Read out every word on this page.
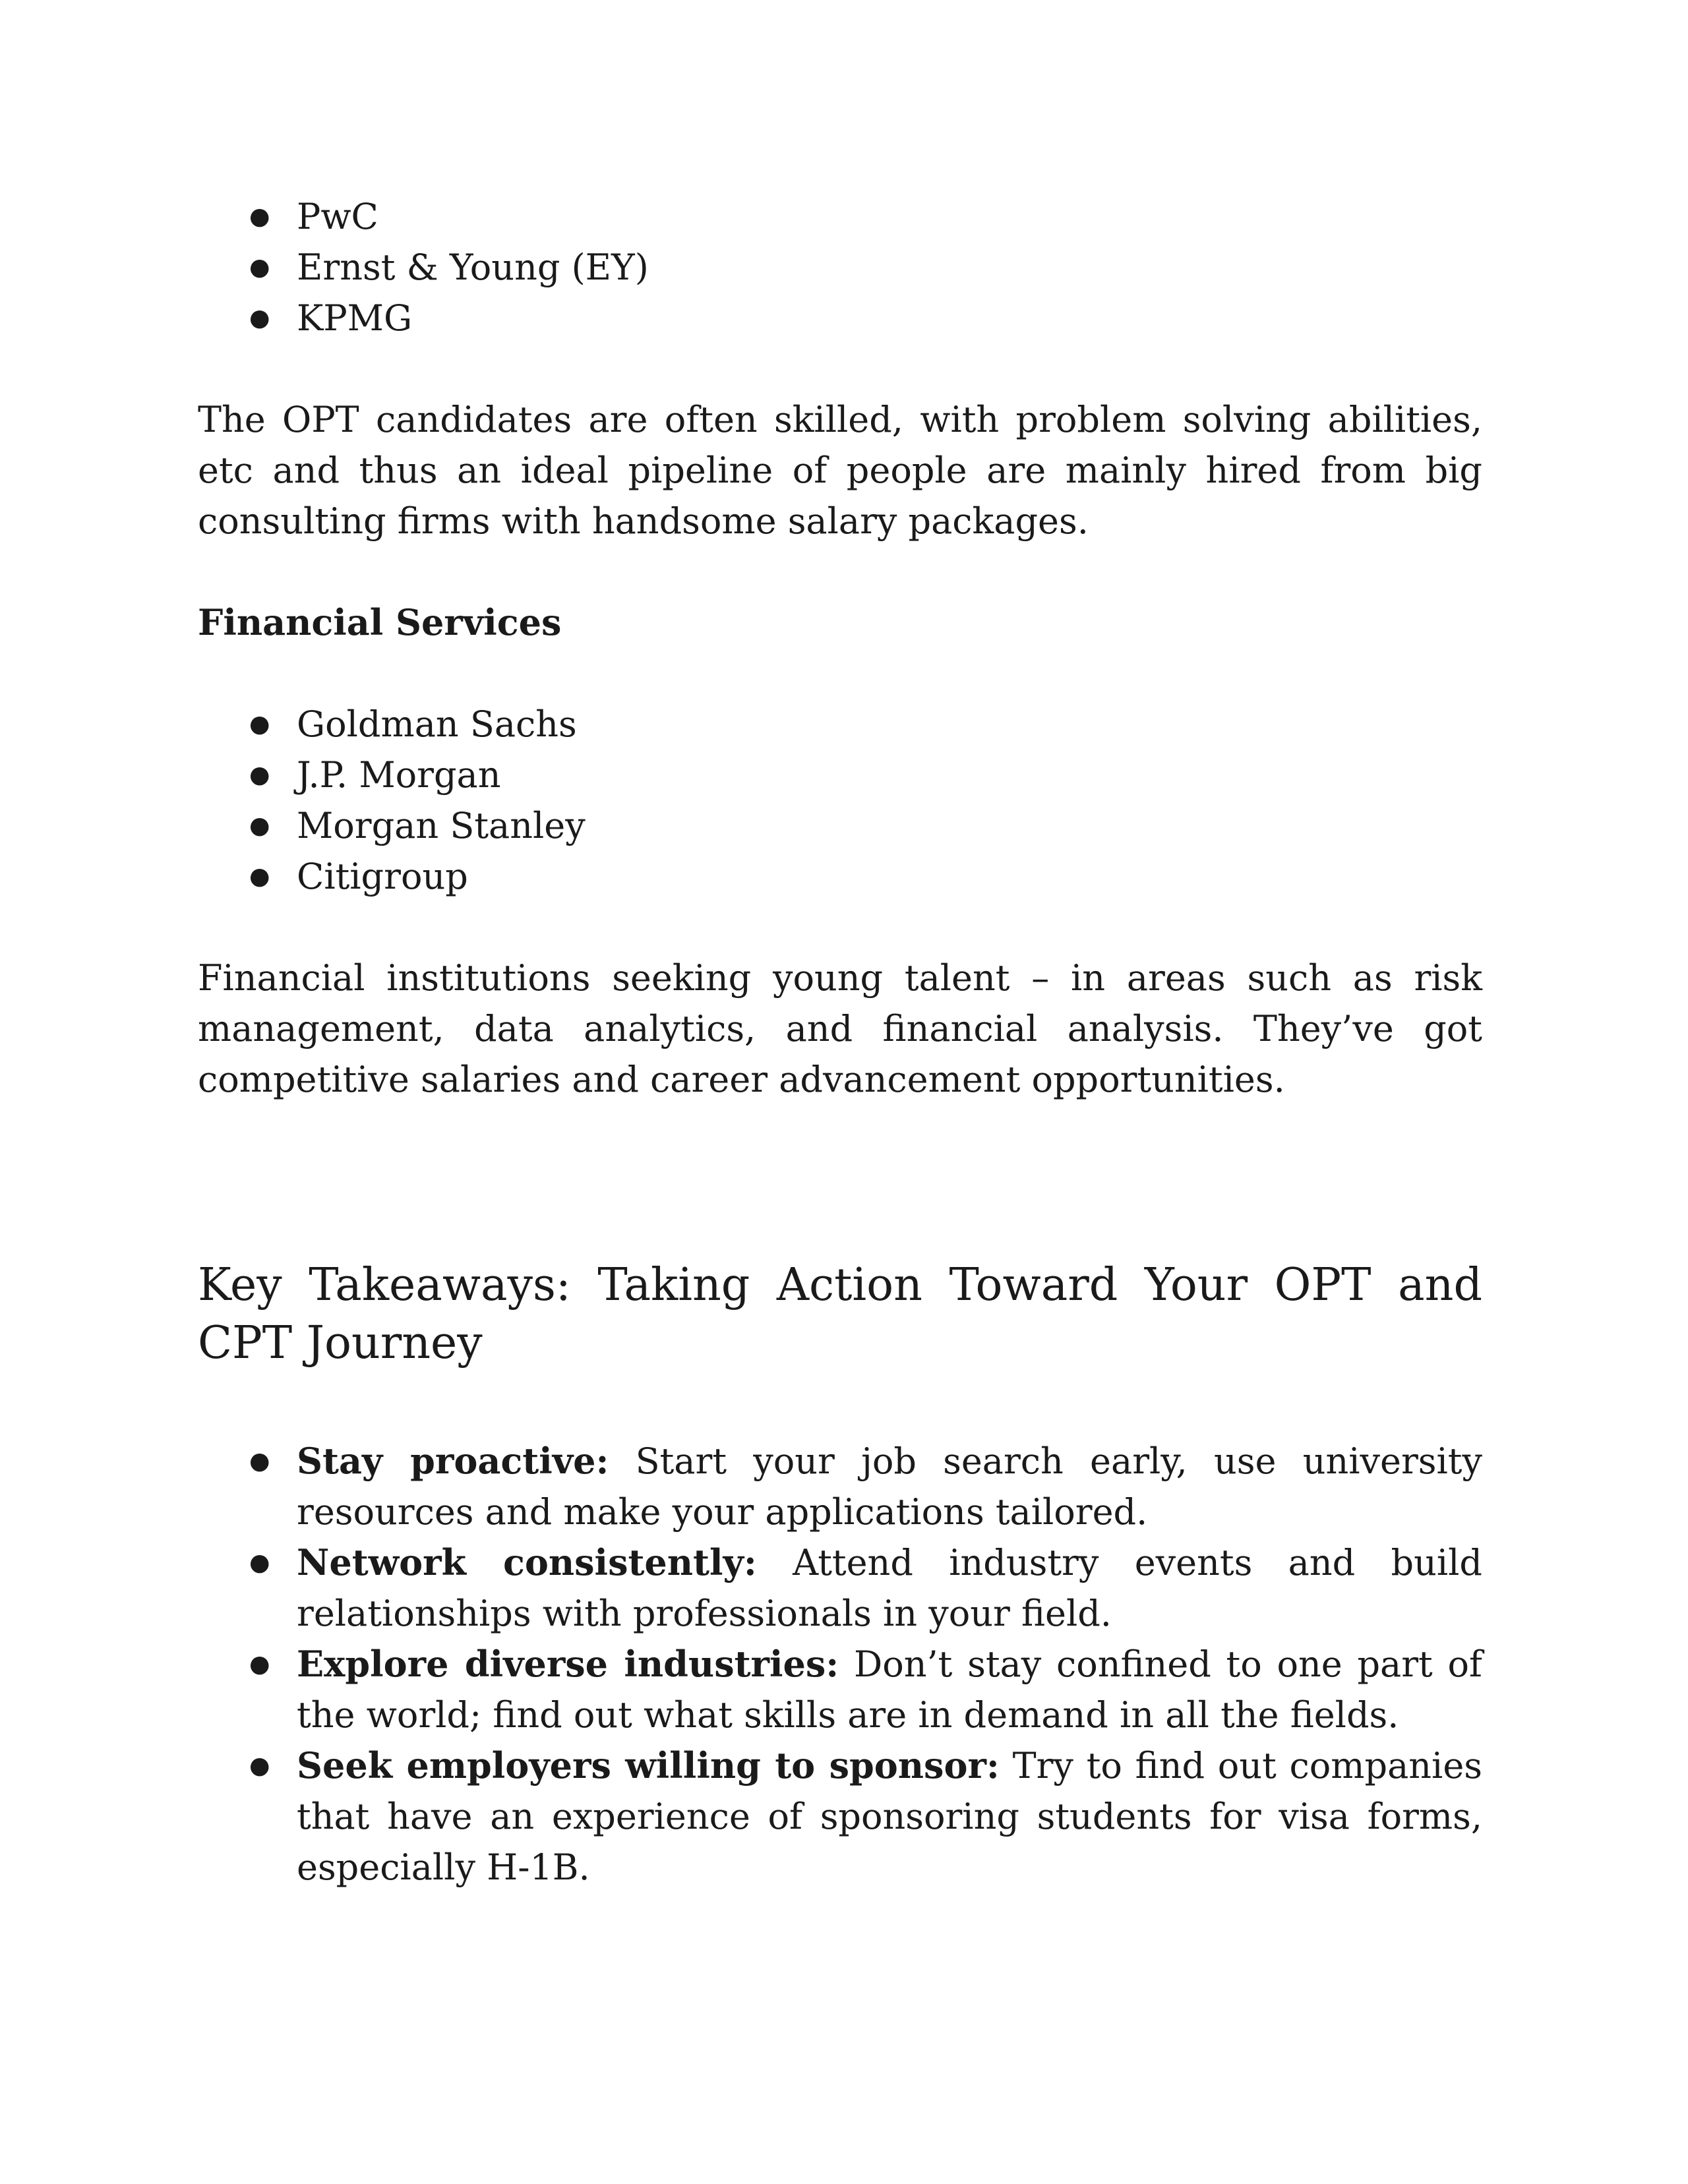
● PwC
● Ernst & Young (EY)
● KPMG

The OPT candidates are often skilled, with problem solving abilities, etc and thus an ideal pipeline of people are mainly hired from big consulting firms with handsome salary packages.

Financial Services
● Goldman Sachs
● J.P. Morgan
● Morgan Stanley
● Citigroup

Financial institutions seeking young talent – in areas such as risk management, data analytics, and financial analysis. They’ve got competitive salaries and career advancement opportunities.

Key Takeaways: Taking Action Toward Your OPT and CPT Journey
● Stay proactive: Start your job search early, use university resources and make your applications tailored.
● Network consistently: Attend industry events and build relationships with professionals in your field.
● Explore diverse industries: Don’t stay confined to one part of the world; find out what skills are in demand in all the fields.
● Seek employers willing to sponsor: Try to find out companies that have an experience of sponsoring students for visa forms, especially H-1B.
